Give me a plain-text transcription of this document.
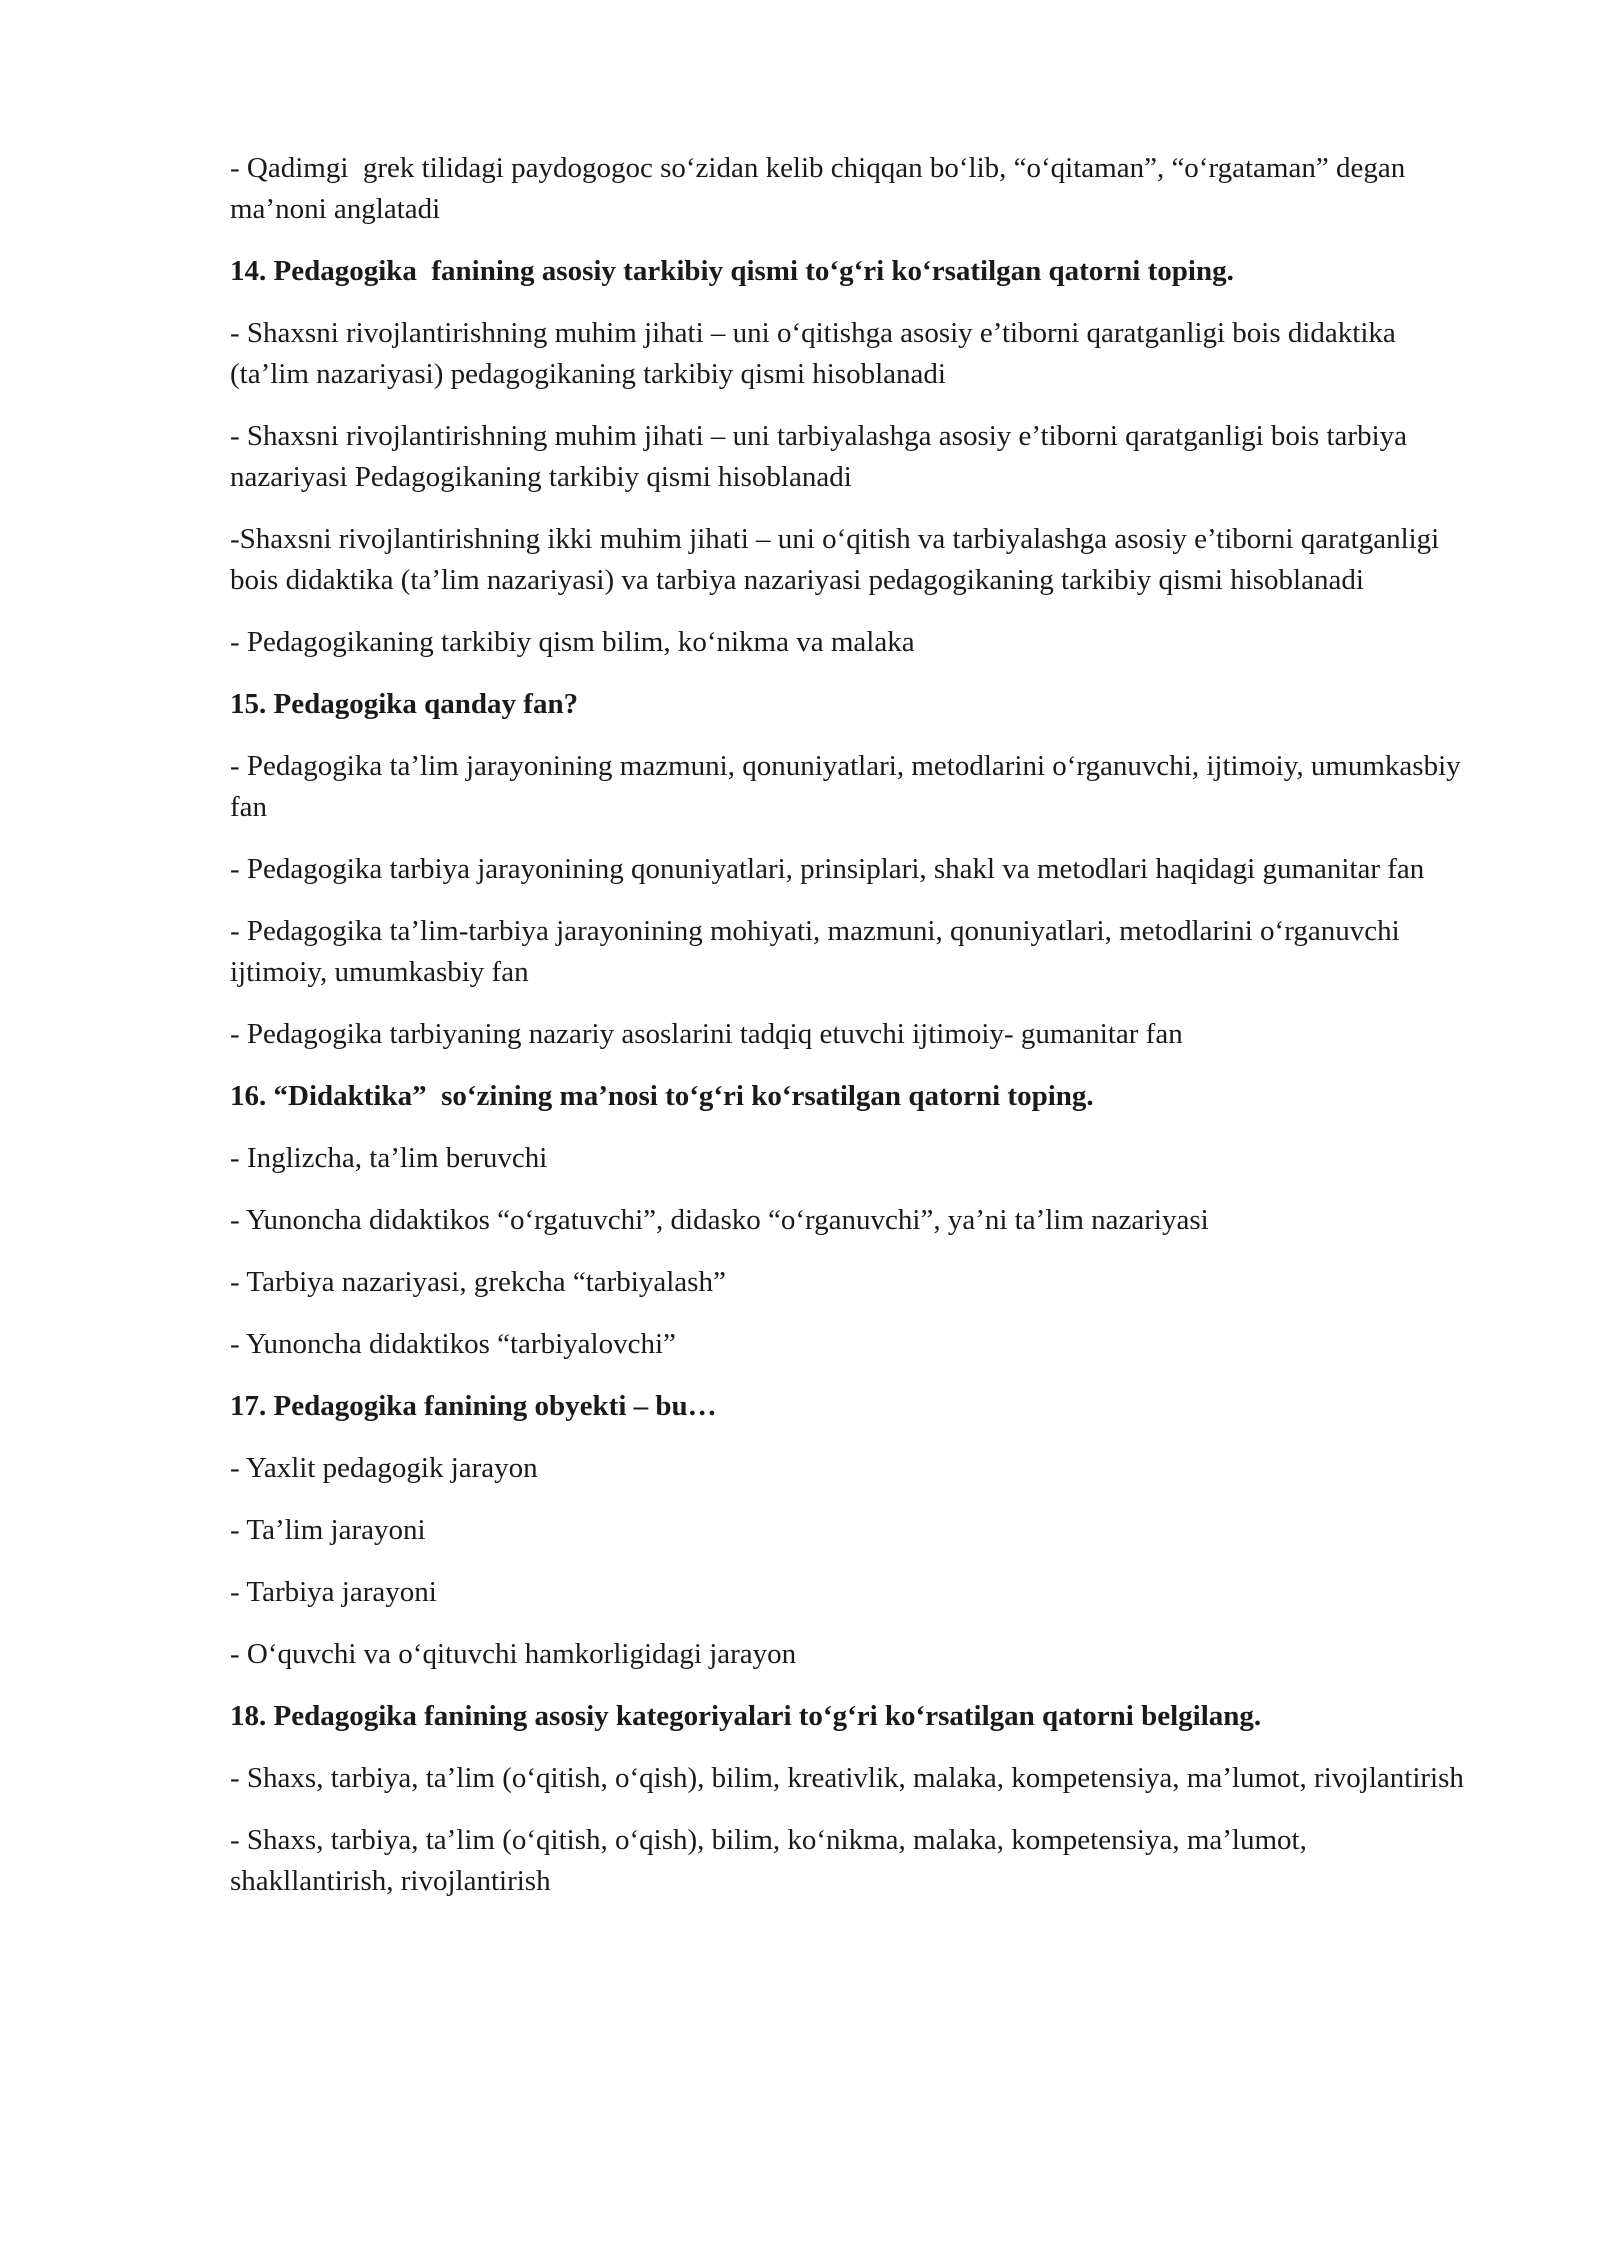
- Qadimgi  grek tilidagi paydogogoc so‘zidan kelib chiqqan bo‘lib, “o‘qitaman”, “o‘rgataman” degan ma’noni anglatadi

14. Pedagogika  fanining asosiy tarkibiy qismi to‘g‘ri ko‘rsatilgan qatorni toping.

- Shaxsni rivojlantirishning muhim jihati – uni o‘qitishga asosiy e’tiborni qaratganligi bois didaktika (ta’lim nazariyasi) pedagogikaning tarkibiy qismi hisoblanadi

- Shaxsni rivojlantirishning muhim jihati – uni tarbiyalashga asosiy e’tiborni qaratganligi bois tarbiya nazariyasi Pedagogikaning tarkibiy qismi hisoblanadi

-Shaxsni rivojlantirishning ikki muhim jihati – uni o‘qitish va tarbiyalashga asosiy e’tiborni qaratganligi bois didaktika (ta’lim nazariyasi) va tarbiya nazariyasi pedagogikaning tarkibiy qismi hisoblanadi

- Pedagogikaning tarkibiy qism bilim, ko‘nikma va malaka

15. Pedagogika qanday fan?

- Pedagogika ta’lim jarayonining mazmuni, qonuniyatlari, metodlarini o‘rganuvchi, ijtimoiy, umumkasbiy fan

- Pedagogika tarbiya jarayonining qonuniyatlari, prinsiplari, shakl va metodlari haqidagi gumanitar fan

- Pedagogika ta’lim-tarbiya jarayonining mohiyati, mazmuni, qonuniyatlari, metodlarini o‘rganuvchi ijtimoiy, umumkasbiy fan

- Pedagogika tarbiyaning nazariy asoslarini tadqiq etuvchi ijtimoiy- gumanitar fan

16. “Didaktika”  so‘zining ma’nosi to‘g‘ri ko‘rsatilgan qatorni toping.

- Inglizcha, ta’lim beruvchi

- Yunoncha didaktikos “o‘rgatuvchi”, didasko “o‘rganuvchi”, ya’ni ta’lim nazariyasi

- Tarbiya nazariyasi, grekcha “tarbiyalash”

- Yunoncha didaktikos “tarbiyalovchi”

17. Pedagogika fanining obyekti – bu…

- Yaxlit pedagogik jarayon

- Ta’lim jarayoni

- Tarbiya jarayoni

- O‘quvchi va o‘qituvchi hamkorligidagi jarayon

18. Pedagogika fanining asosiy kategoriyalari to‘g‘ri ko‘rsatilgan qatorni belgilang.

- Shaxs, tarbiya, ta’lim (o‘qitish, o‘qish), bilim, kreativlik, malaka, kompetensiya, ma’lumot, rivojlantirish

- Shaxs, tarbiya, ta’lim (o‘qitish, o‘qish), bilim, ko‘nikma, malaka, kompetensiya, ma’lumot, shakllantirish, rivojlantirish
